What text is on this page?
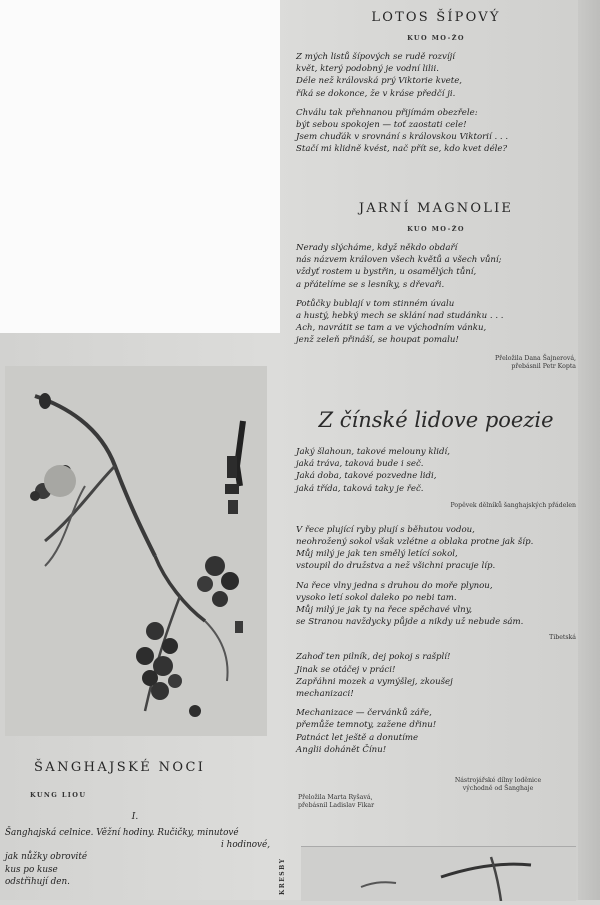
LOTOS ŠÍPOVÝ
KUO MO-ŽO
Z mých listů šípových se rudě rozvíjí
květ, který podobný je vodní lilii.
Déle než královská prý Viktorie kvete,
říká se dokonce, že v kráse předčí ji.
Chválu tak přehnanou přijímám obezřele:
být sebou spokojen — toť zaostati cele!
Jsem chuďák v srovnání s královskou Viktorií . . .
Stačí mi klidně kvést, nač přít se, kdo kvet déle?
JARNÍ MAGNOLIE
KUO MO-ŽO
Nerady slýcháme, když někdo obdaří
nás názvem královen všech květů a všech vůní;
vždyť rostem u bystřin, u osamělých tůní,
a přátelíme se s lesníky, s dřevaři.
Potůčky bublají v tom stinném úvalu
a hustý, hebký mech se sklání nad studánku . . .
Ach, navrátit se tam a ve východním vánku,
jenž zeleň přináší, se houpat pomalu!
Přeložila Dana Šajnerová,
přebásnil Petr Kopta
Z čínské lidove poezie
Jaký šlahoun, takové melouny klidí,
jaká tráva, taková bude i seč.
Jaká doba, takové pozvedne lidi,
jaká třída, taková taky je řeč.
Popěvek dělníků šanghajských přádelen
V řece plující ryby plují s běhutou vodou,
neohrožený sokol však vzlétne a oblaka protne jak šíp.
Můj milý je jak ten smělý letící sokol,
vstoupil do družstva a než všichni pracuje líp.
Na řece vlny jedna s druhou do moře plynou,
vysoko letí sokol daleko po nebi tam.
Můj milý je jak ty na řece spěchavé vlny,
se Stranou navždycky půjde a nikdy už nebude sám.
Tibetská
Zahoď ten pilník, dej pokoj s rašplí!
Jinak se otáčej v práci!
Zapřáhni mozek a vymýšlej, zkoušej
mechanizaci!
Mechanizace — červánků záře,
přemůže temnoty, zažene dřinu!
Patnáct let ještě a donutíme
Anglii dohánět Čínu!
Nástrojářské dílny loděnice
východně od Šanghaje
Přeložila Marta Ryšavá,
přebásnil Ladislav Fikar
ŠANGHAJSKÉ NOCI
KUNG LIOU
I.
Šanghajská celnice. Věžní hodiny. Ručičky, minutové
i hodinové,
jak nůžky obrovité
kus po kuse
odstřihují den.	KRESBY
